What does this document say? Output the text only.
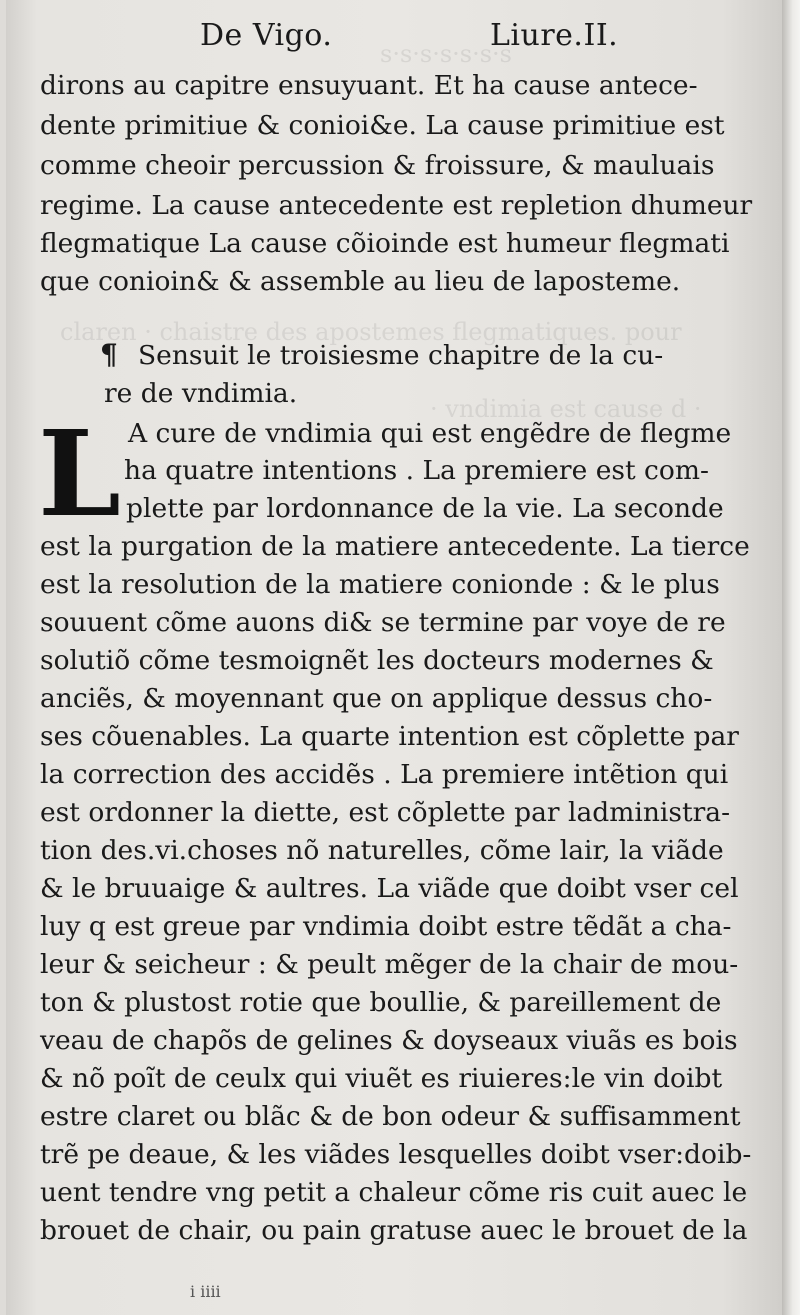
s·s·s·s·s·s·s
claren · chaistre des apostemes flegmatiques. pour
· vndimia est cause d ·
De Vigo.	Liure.II.
dirons au capitre ensuyuant. Et ha cause antece-
dente primitiue & conioi&e. La cause primitiue est
comme cheoir percussion & froissure, & mauluais
regime. La cause antecedente est repletion dhumeur
flegmatique La cause cõioinde est humeur flegmati
que conioin& & assemble au lieu de laposteme.
¶ Sensuit le troisiesme chapitre de la cu-
re de vndimia.
L A cure de vndimia qui est engẽdre de flegme
ha quatre intentions . La premiere est com-
plette par lordonnance de la vie. La seconde
est la purgation de la matiere antecedente. La tierce
est la resolution de la matiere conionde : & le plus
souuent cõme auons di& se termine par voye de re
solutiõ cõme tesmoignẽt les docteurs modernes &
anciẽs, & moyennant que on applique dessus cho-
ses cõuenables. La quarte intention est cõplette par
la correction des accidẽs . La premiere intẽtion qui
est ordonner la diette, est cõplette par ladministra-
tion des.vi.choses nõ naturelles, cõme lair, la viãde
& le bruuaige & aultres. La viãde que doibt vser cel
luy q est greue par vndimia doibt estre tẽdãt a cha-
leur & seicheur : & peult mẽger de la chair de mou-
ton & plustost rotie que boullie, & pareillement de
veau de chapõs de gelines & doyseaux viuãs es bois
& nõ poĩt de ceulx qui viuẽt es riuieres:le vin doibt
estre claret ou blãc & de bon odeur & suffisamment
trẽ pe deaue, & les viãdes lesquelles doibt vser:doib-
uent tendre vng petit a chaleur cõme ris cuit auec le
brouet de chair, ou pain gratuse auec le brouet de la
i iiii
